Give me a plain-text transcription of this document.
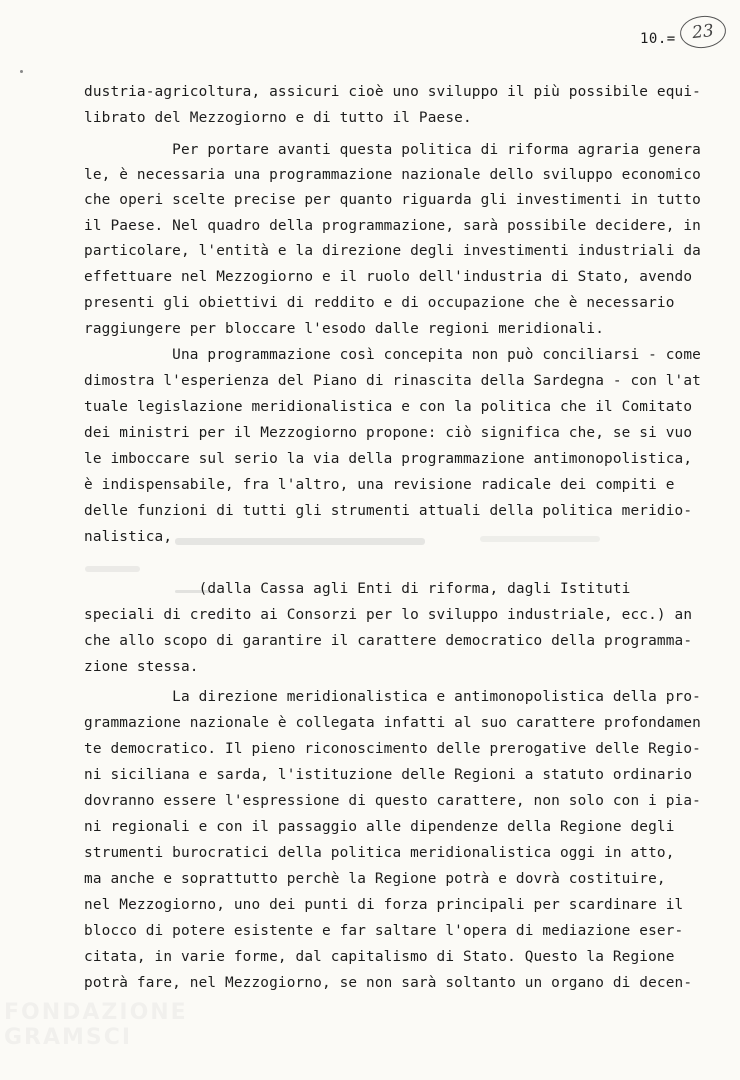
10.= 23
dustria-agricoltura, assicuri cioè uno sviluppo il più possibile equi-
librato del Mezzogiorno e di tutto il Paese.
Per portare avanti questa politica di riforma agraria genera
le, è necessaria una programmazione nazionale dello sviluppo economico
che operi scelte precise per quanto riguarda gli investimenti in tutto
il Paese. Nel quadro della programmazione, sarà possibile decidere, in
particolare, l'entità e la direzione degli investimenti industriali da
effettuare nel Mezzogiorno e il ruolo dell'industria di Stato, avendo
presenti gli obiettivi di reddito e di occupazione che è necessario
raggiungere per bloccare l'esodo dalle regioni meridionali.
Una programmazione così concepita non può conciliarsi - come
dimostra l'esperienza del Piano di rinascita della Sardegna - con l'at
tuale legislazione meridionalistica e con la politica che il Comitato
dei ministri per il Mezzogiorno propone: ciò significa che, se si vuo
le imboccare sul serio la via della programmazione antimonopolistica,
è indispensabile, fra l'altro, una revisione radicale dei compiti e
delle funzioni di tutti gli strumenti attuali della politica meridio-
nalistica,
(dalla Cassa agli Enti di riforma, dagli Istituti
speciali di credito ai Consorzi per lo sviluppo industriale, ecc.) an
che allo scopo di garantire il carattere democratico della programma-
zione stessa.
La direzione meridionalistica e antimonopolistica della pro-
grammazione nazionale è collegata infatti al suo carattere profondamen
te democratico. Il pieno riconoscimento delle prerogative delle Regio-
ni siciliana e sarda, l'istituzione delle Regioni a statuto ordinario
dovranno essere l'espressione di questo carattere, non solo con i pia-
ni regionali e con il passaggio alle dipendenze della Regione degli
strumenti burocratici della politica meridionalistica oggi in atto,
ma anche e soprattutto perchè la Regione potrà e dovrà costituire,
nel Mezzogiorno, uno dei punti di forza principali per scardinare il
blocco di potere esistente e far saltare l'opera di mediazione eser-
citata, in varie forme, dal capitalismo di Stato. Questo la Regione
potrà fare, nel Mezzogiorno, se non sarà soltanto un organo di decen-
FONDAZIONE
GRAMSCI
